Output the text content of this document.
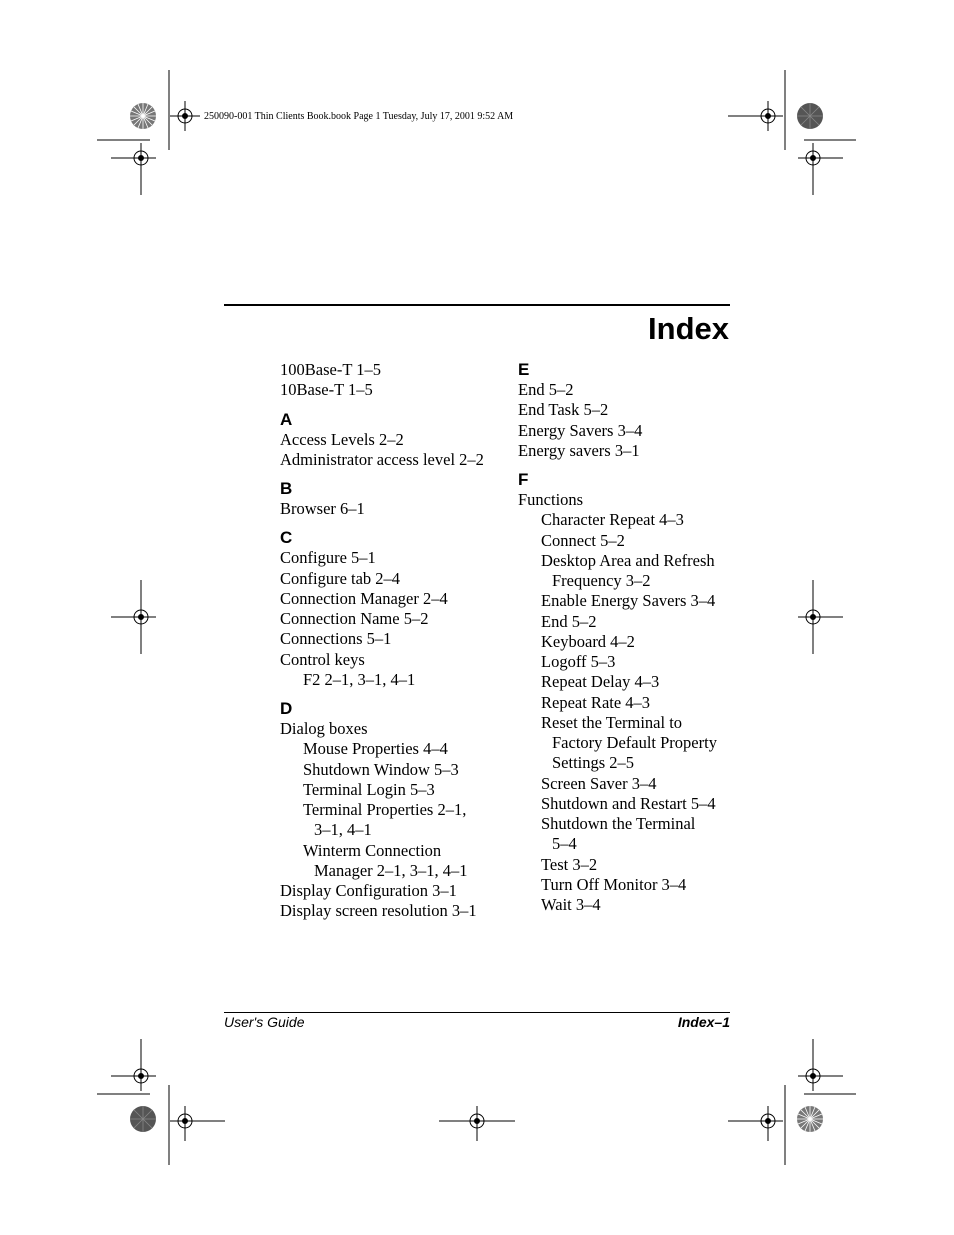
250090-001 Thin Clients Book.book Page 1 Tuesday, July 17, 2001 9:52 AM
Index
100Base-T 1–5
10Base-T 1–5
A
Access Levels 2–2
Administrator access level 2–2
B
Browser 6–1
C
Configure 5–1
Configure tab 2–4
Connection Manager 2–4
Connection Name 5–2
Connections 5–1
Control keys
F2 2–1, 3–1, 4–1
D
Dialog boxes
Mouse Properties 4–4
Shutdown Window 5–3
Terminal Login 5–3
Terminal Properties 2–1,
3–1, 4–1
Winterm Connection
Manager 2–1, 3–1, 4–1
Display Configuration 3–1
Display screen resolution 3–1
E
End 5–2
End Task 5–2
Energy Savers 3–4
Energy savers 3–1
F
Functions
Character Repeat 4–3
Connect 5–2
Desktop Area and Refresh
Frequency 3–2
Enable Energy Savers 3–4
End 5–2
Keyboard 4–2
Logoff 5–3
Repeat Delay 4–3
Repeat Rate 4–3
Reset the Terminal to
Factory Default Property
Settings 2–5
Screen Saver 3–4
Shutdown and Restart 5–4
Shutdown the Terminal
5–4
Test 3–2
Turn Off Monitor 3–4
Wait 3–4
User's Guide	Index–1
